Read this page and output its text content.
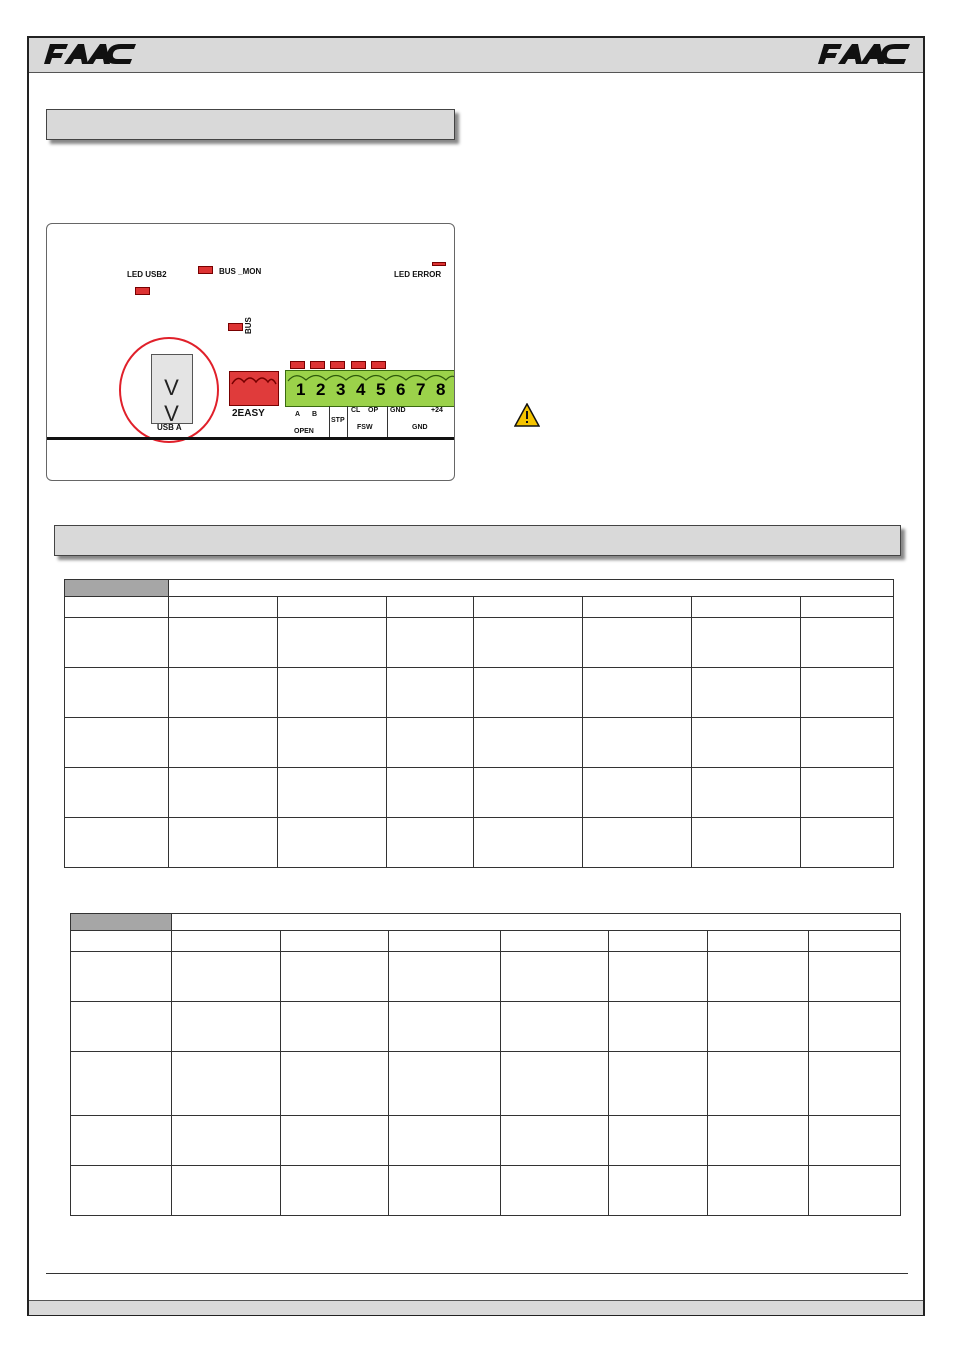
LED USB2	BUS _MON	LED ERROR
BUS
V V
USB A
2EASY
1 2 3 4 5 6 7 8
A B
OPEN
STP
CL OP
FSW
GND	+24
GND
